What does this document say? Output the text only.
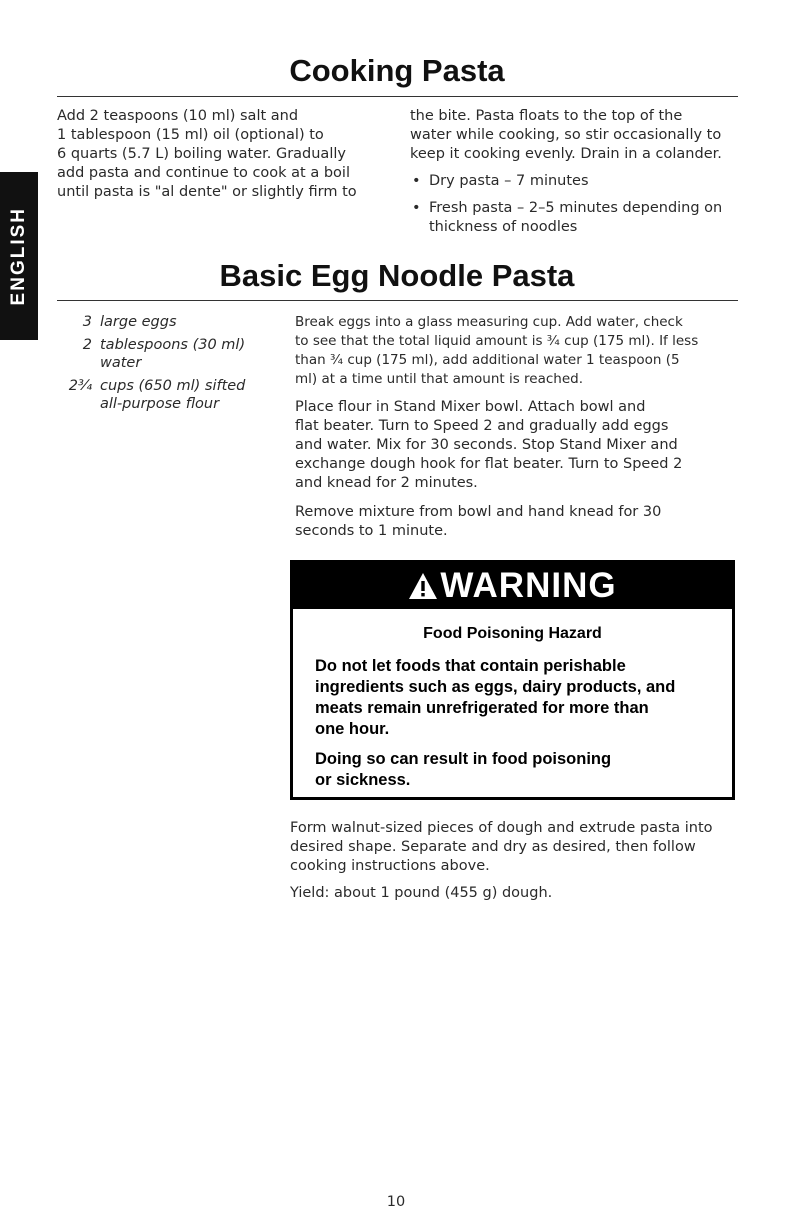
ENGLISH
Cooking Pasta

Add 2 teaspoons (10 ml) salt and

1 tablespoon (15 ml) oil (optional) to

6 quarts (5.7 L) boiling water. Gradually

add pasta and continue to cook at a boil

until pasta is "al dente" or slightly firm to

the bite. Pasta floats to the top of the

water while cooking, so stir occasionally to

keep it cooking evenly. Drain in a colander.

• Dry pasta – 7 minutes

• Fresh pasta – 2–5 minutes depending on

thickness of noodles

Basic Egg Noodle Pasta
3 large eggs
2 tablespoons (30 ml)
water
2¾ cups (650 ml) sifted
all-purpose flour

Break eggs into a glass measuring cup. Add water, check

to see that the total liquid amount is ¾ cup (175 ml). If less

than ¾ cup (175 ml), add additional water 1 teaspoon (5

ml) at a time until that amount is reached.

Place flour in Stand Mixer bowl. Attach bowl and

flat beater. Turn to Speed 2 and gradually add eggs

and water. Mix for 30 seconds. Stop Stand Mixer and

exchange dough hook for flat beater. Turn to Speed 2

and knead for 2 minutes.

Remove mixture from bowl and hand knead for 30

seconds to 1 minute.

WARNING
Food Poisoning Hazard

Do not let foods that contain perishable

ingredients such as eggs, dairy products, and

meats remain unrefrigerated for more than

one hour.

Doing so can result in food poisoning

or sickness.

Form walnut-sized pieces of dough and extrude pasta into

desired shape. Separate and dry as desired, then follow

cooking instructions above.

Yield: about 1 pound (455 g) dough.

10
